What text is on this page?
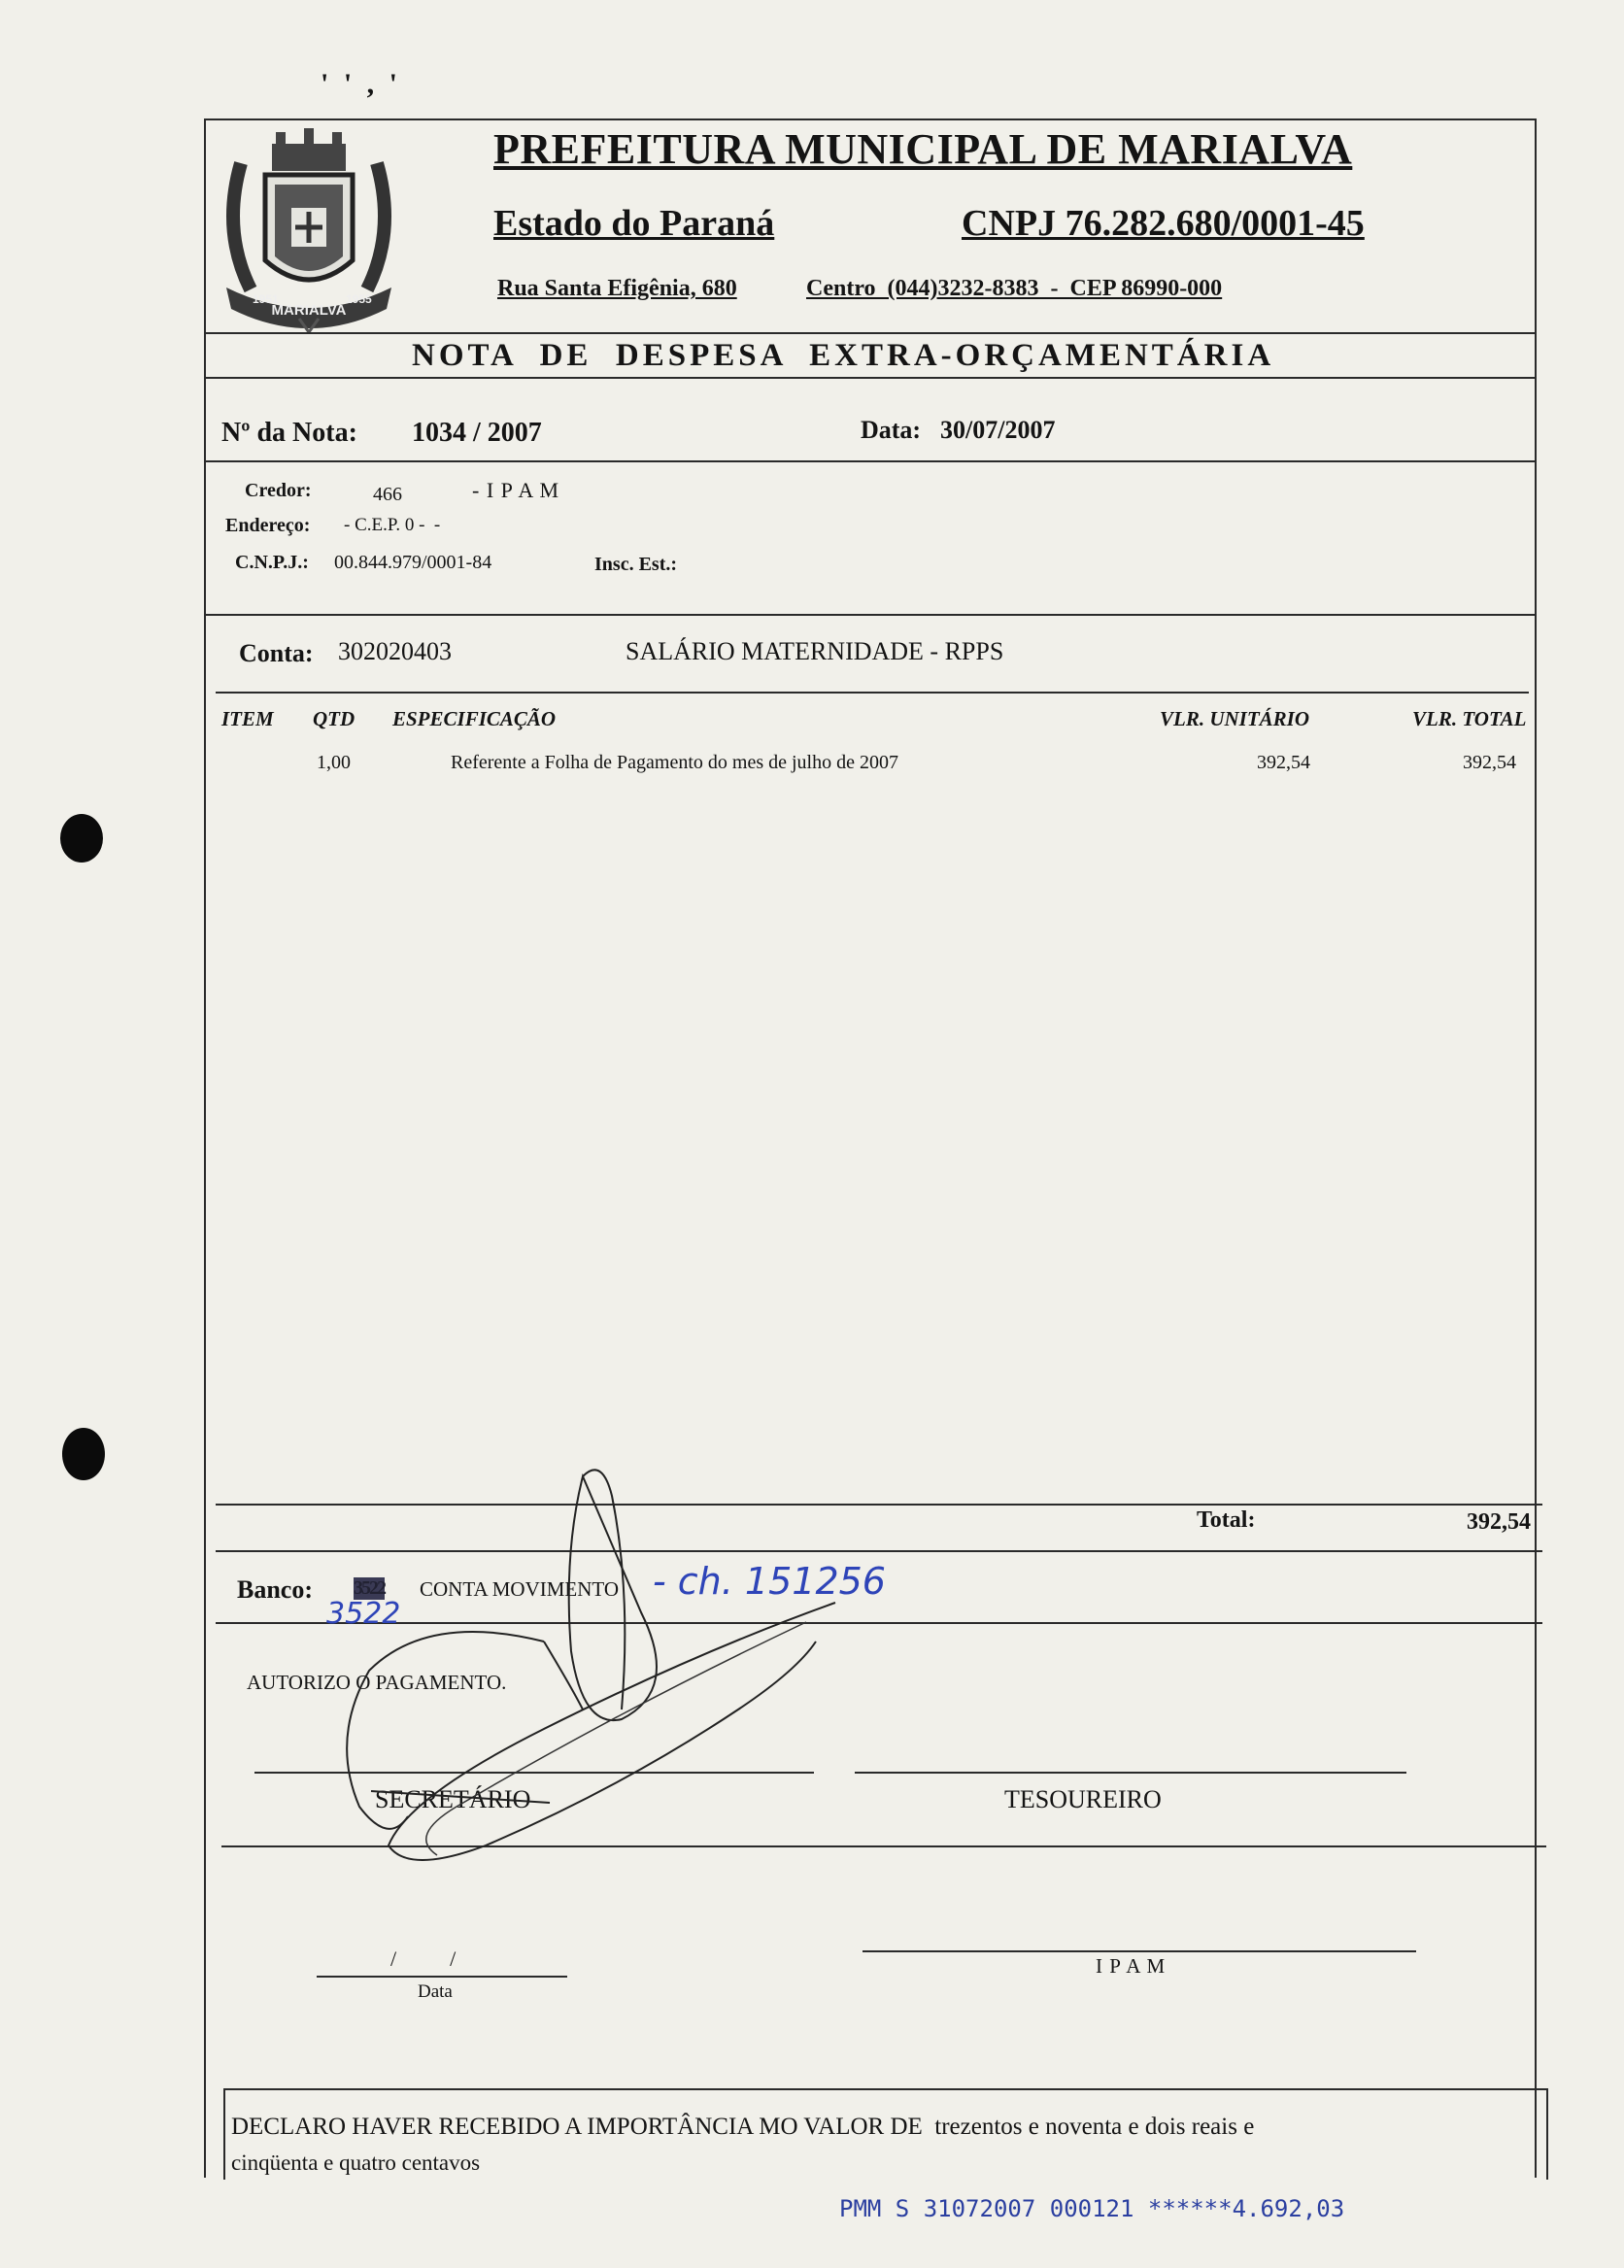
' ' , '
MARIALVA
1951	1955
PREFEITURA MUNICIPAL DE MARIALVA
Estado do Paraná	CNPJ 76.282.680/0001-45
Rua Santa Efigênia, 680	Centro  (044)3232-8383  -  CEP 86990-000
NOTA  DE  DESPESA  EXTRA-ORÇAMENTÁRIA
Nº da Nota: 1034 / 2007	Data: 30/07/2007
Credor:	466	- I P A M
Endereço: - C.E.P. 0 -  -
C.N.P.J.: 00.844.979/0001-84	Insc. Est.:
Conta: 302020403	SALÁRIO MATERNIDADE - RPPS
ITEM QTD ESPECIFICAÇÃO	VLR. UNITÁRIO	VLR. TOTAL
1,00	Referente a Folha de Pagamento do mes de julho de 2007	392,54	392,54
Total:	392,54
Banco: 3522 CONTA MOVIMENTO
AUTORIZO O PAGAMENTO.
SECRETÁRIO	TESOUREIRO
/          /
Data
I P A M
DECLARO HAVER RECEBIDO A IMPORTÂNCIA MO VALOR DE  trezentos e noventa e dois reais e
cinqüenta e quatro centavos
PMM S 31072007 000121 ******4.692,03
- ch. 151256
3522
